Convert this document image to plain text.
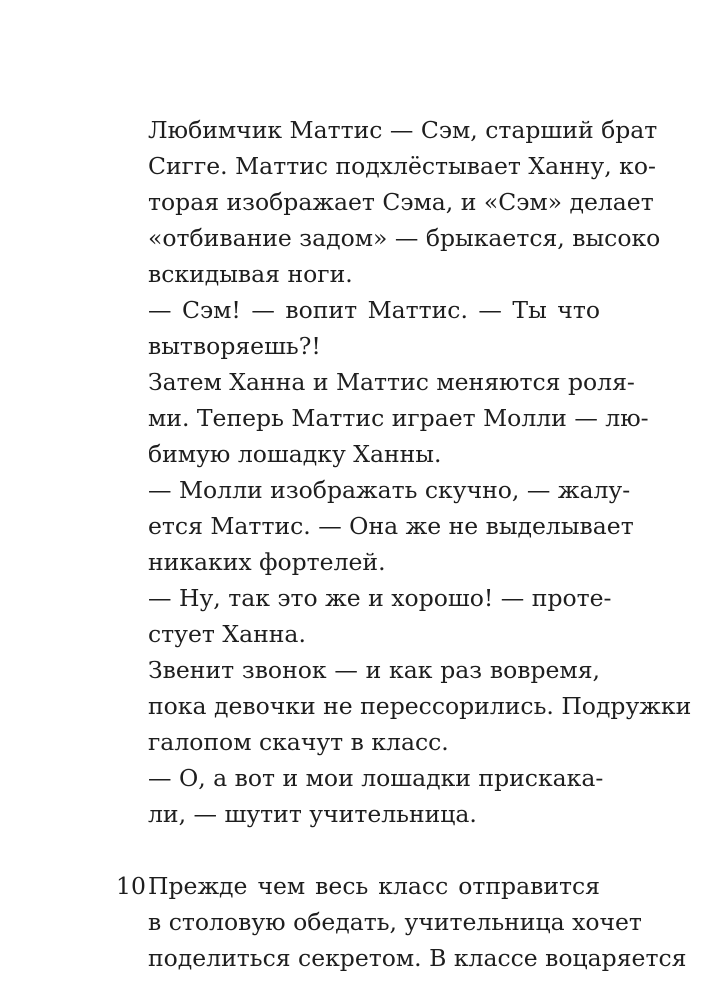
Любимчик Маттис — Сэм, старший брат
Сигге. Маттис подхлёстывает Ханну, ко-
торая изображает Сэма, и «Сэм» делает
«отбивание задом» — брыкается, высоко
вскидывая ноги.
— Сэм! — вопит Маттис. — Ты что
вытворяешь?!
Затем Ханна и Маттис меняются роля-
ми. Теперь Маттис играет Молли — лю-
бимую лошадку Ханны.
— Молли изображать скучно, — жалу-
ется Маттис. — Она же не выделывает
никаких фортелей.
— Ну, так это же и хорошо! — проте-
стует Ханна.
Звенит звонок — и как раз вовремя,
пока девочки не перессорились. Подружки
галопом скачут в класс.
— О, а вот и мои лошадки прискака-
ли, — шутит учительница.
Прежде чем весь класс отправится
в столовую обедать, учительница хочет
поделиться секретом. В классе воцаряется
10
